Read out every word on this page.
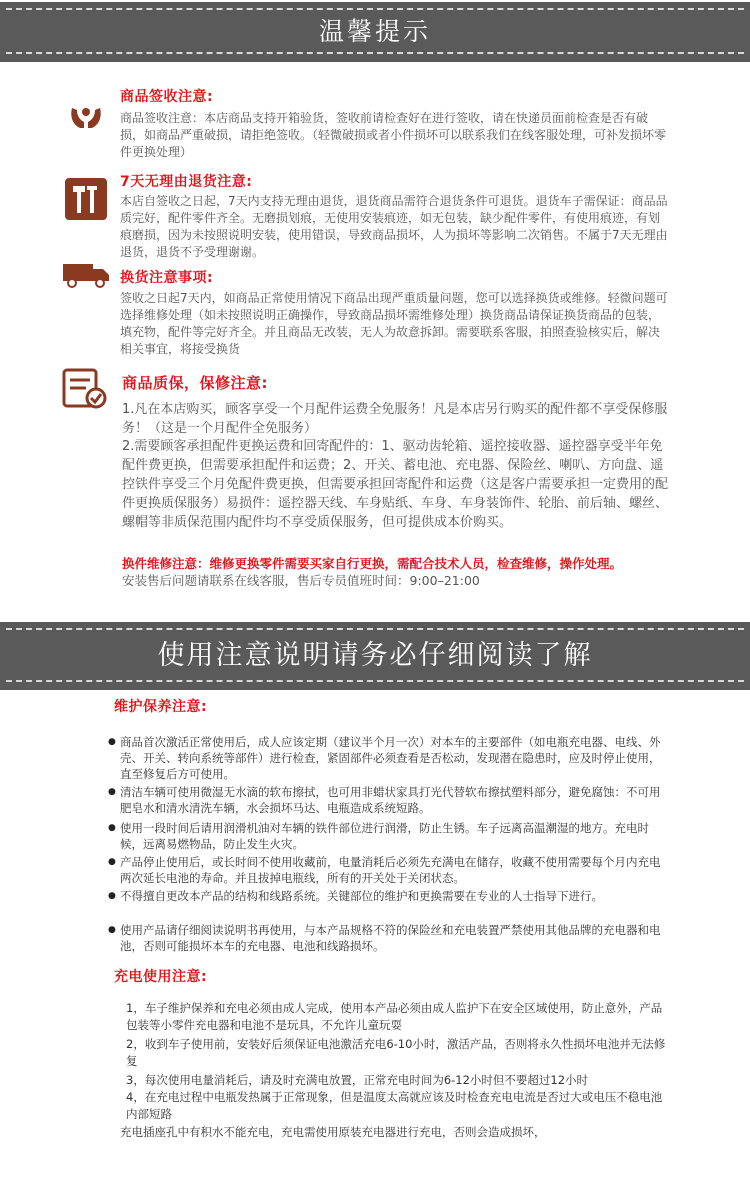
温馨提示
商品签收注意:
商品签收注意：本店商品支持开箱验货，签收前请检查好在进行签收，请在快递员面前检查是否有破损，如商品严重破损，请拒绝签收。（轻微破损或者小件损坏可以联系我们在线客服处理，可补发损坏零件更换处理）
7天无理由退货注意:
本店自签收之日起，7天内支持无理由退货，退货商品需符合退货条件可退货。退货车子需保证：商品品质完好，配件零件齐全。无磨损划痕，无使用安装痕迹，如无包装，缺少配件零件，有使用痕迹，有划痕磨损，因为未按照说明安装，使用错误，导致商品损坏，人为损坏等影响二次销售。不属于7天无理由退货，退货不予受理谢谢。
换货注意事项:
签收之日起7天内，如商品正常使用情况下商品出现严重质量问题，您可以选择换货或维修。轻微问题可选择维修处理（如未按照说明正确操作，导致商品损坏需维修处理）换货商品请保证换货商品的包装，填充物，配件等完好齐全。并且商品无改装，无人为故意拆卸。需要联系客服，拍照查验核实后，解决相关事宜，将接受换货
商品质保，保修注意:
1.凡在本店购买，顾客享受一个月配件运费全免服务！凡是本店另行购买的配件都不享受保修服务！（这是一个月配件全免服务）
2.需要顾客承担配件更换运费和回寄配件的：1、驱动齿轮箱、遥控接收器、遥控器享受半年免配件费更换，但需要承担配件和运费；2、开关、蓄电池、充电器、保险丝、喇叭、方向盘、遥控铁件享受三个月免配件费更换，但需要承担回寄配件和运费（这是客户需要承担一定费用的配件更换质保服务）易损件：遥控器天线、车身贴纸、车身、车身装饰件、轮胎、前后轴、螺丝、螺帽等非质保范围内配件均不享受质保服务，但可提供成本价购买。
换件维修注意：维修更换零件需要买家自行更换，需配合技术人员，检查维修，操作处理。
安装售后问题请联系在线客服，售后专员值班时间：9:00–21:00
使用注意说明请务必仔细阅读了解
维护保养注意:
● 商品首次激活正常使用后，成人应该定期（建议半个月一次）对本车的主要部件（如电瓶充电器、电线、外壳、开关、转向系统等部件）进行检查，紧固部件必须查看是否松动，发现潜在隐患时，应及时停止使用，直至修复后方可使用。
● 清洁车辆可使用微湿无水滴的软布擦拭，也可用非蜡状家具打光代替软布擦拭塑料部分，避免腐蚀：不可用肥皂水和清水清洗车辆，水会损坏马达、电瓶造成系统短路。
● 使用一段时间后请用润滑机油对车辆的铁件部位进行润滑，防止生锈。车子远离高温潮湿的地方。充电时候，远离易燃物品，防止发生火灾。
● 产品停止使用后，或长时间不使用收藏前，电量消耗后必须先充满电在储存，收藏不使用需要每个月内充电两次延长电池的寿命。并且拔掉电瓶线，所有的开关处于关闭状态。
● 不得擅自更改本产品的结构和线路系统。关键部位的维护和更换需要在专业的人士指导下进行。
● 使用产品请仔细阅读说明书再使用，与本产品规格不符的保险丝和充电装置严禁使用其他品牌的充电器和电池，否则可能损坏本车的充电器、电池和线路损坏。
充电使用注意:
1，车子维护保养和充电必须由成人完成，使用本产品必须由成人监护下在安全区域使用，防止意外，产品包装等小零件充电器和电池不是玩具，不允许儿童玩耍
2，收到车子使用前，安装好后须保证电池激活充电6-10小时，激活产品，否则将永久性损坏电池并无法修复
3，每次使用电量消耗后，请及时充满电放置，正常充电时间为6-12小时但不要超过12小时
4，在充电过程中电瓶发热属于正常现象，但是温度太高就应该及时检查充电电流是否过大或电压不稳电池内部短路
充电插座孔中有积水不能充电，充电需使用原装充电器进行充电，否则会造成损坏，
